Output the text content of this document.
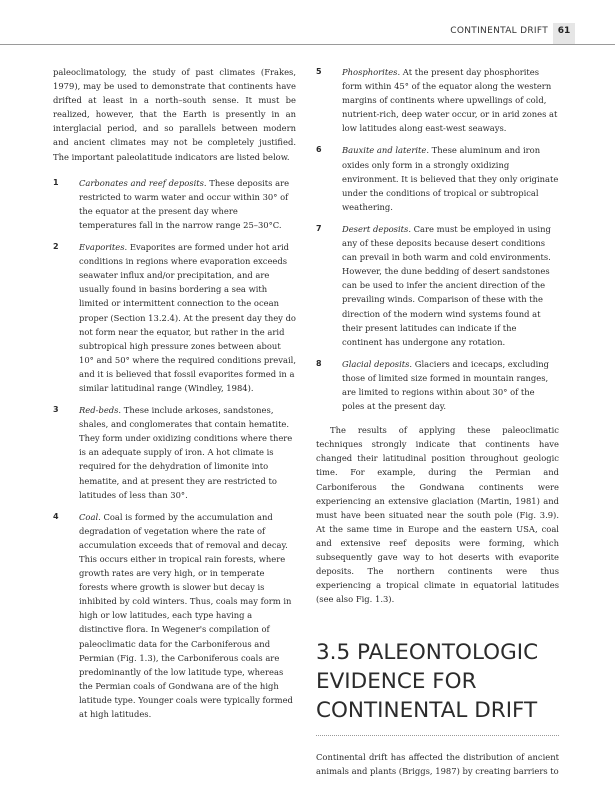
CONTINENTAL DRIFT	61

paleoclimatology, the study of past climates (Frakes, 1979), may be used to demonstrate that continents have drifted at least in a north–south sense. It must be realized, however, that the Earth is presently in an interglacial period, and so parallels between modern and ancient climates may not be completely justified. The important paleolatitude indicators are listed below.

1	Carbonates and reef deposits. These deposits are restricted to warm water and occur within 30° of the equator at the present day where temperatures fall in the narrow range 25–30°C.
2	Evaporites. Evaporites are formed under hot arid conditions in regions where evaporation exceeds seawater influx and/or precipitation, and are usually found in basins bordering a sea with limited or intermittent connection to the ocean proper (Section 13.2.4). At the present day they do not form near the equator, but rather in the arid subtropical high pressure zones between about 10° and 50° where the required conditions prevail, and it is believed that fossil evaporites formed in a similar latitudinal range (Windley, 1984).
3	Red-beds. These include arkoses, sandstones, shales, and conglomerates that contain hematite. They form under oxidizing conditions where there is an adequate supply of iron. A hot climate is required for the dehydration of limonite into hematite, and at present they are restricted to latitudes of less than 30°.
4	Coal. Coal is formed by the accumulation and degradation of vegetation where the rate of accumulation exceeds that of removal and decay. This occurs either in tropical rain forests, where growth rates are very high, or in temperate forests where growth is slower but decay is inhibited by cold winters. Thus, coals may form in high or low latitudes, each type having a distinctive flora. In Wegener's compilation of paleoclimatic data for the Carboniferous and Permian (Fig. 1.3), the Carboniferous coals are predominantly of the low latitude type, whereas the Permian coals of Gondwana are of the high latitude type. Younger coals were typically formed at high latitudes.
5	Phosphorites. At the present day phosphorites form within 45° of the equator along the western margins of continents where upwellings of cold, nutrient-rich, deep water occur, or in arid zones at low latitudes along east-west seaways.
6	Bauxite and laterite. These aluminum and iron oxides only form in a strongly oxidizing environment. It is believed that they only originate under the conditions of tropical or subtropical weathering.
7	Desert deposits. Care must be employed in using any of these deposits because desert conditions can prevail in both warm and cold environments. However, the dune bedding of desert sandstones can be used to infer the ancient direction of the prevailing winds. Comparison of these with the direction of the modern wind systems found at their present latitudes can indicate if the continent has undergone any rotation.
8	Glacial deposits. Glaciers and icecaps, excluding those of limited size formed in mountain ranges, are limited to regions within about 30° of the poles at the present day.

The results of applying these paleoclimatic techniques strongly indicate that continents have changed their latitudinal position throughout geologic time. For example, during the Permian and Carboniferous the Gondwana continents were experiencing an extensive glaciation (Martin, 1981) and must have been situated near the south pole (Fig. 3.9). At the same time in Europe and the eastern USA, coal and extensive reef deposits were forming, which subsequently gave way to hot deserts with evaporite deposits. The northern continents were thus experiencing a tropical climate in equatorial latitudes (see also Fig. 1.3).

3.5 PALEONTOLOGIC EVIDENCE FOR CONTINENTAL DRIFT

Continental drift has affected the distribution of ancient animals and plants (Briggs, 1987) by creating barriers to
